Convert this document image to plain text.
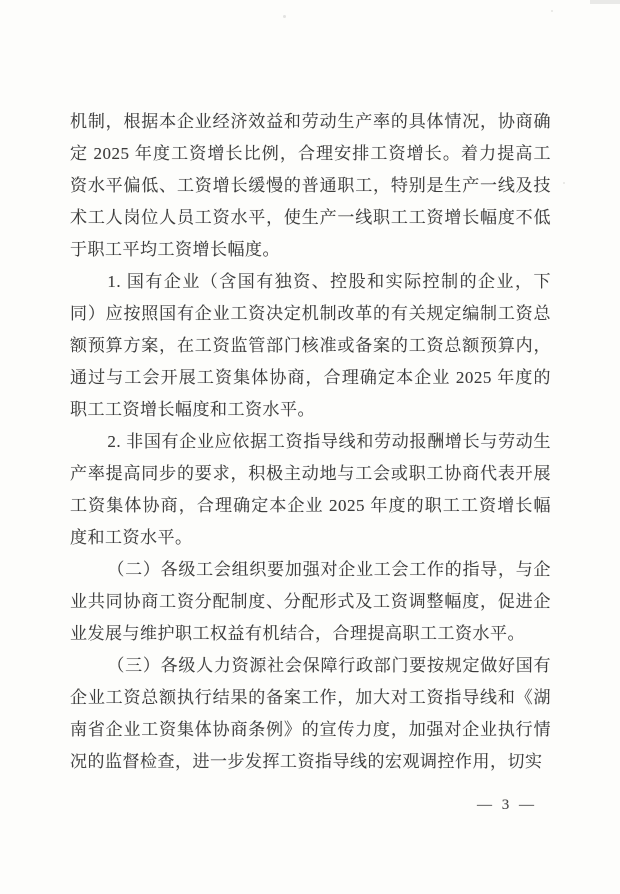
机制，根据本企业经济效益和劳动生产率的具体情况，协商确定 2025 年度工资增长比例，合理安排工资增长。着力提高工资水平偏低、工资增长缓慢的普通职工，特别是生产一线及技术工人岗位人员工资水平，使生产一线职工工资增长幅度不低于职工平均工资增长幅度。

1. 国有企业（含国有独资、控股和实际控制的企业，下同）应按照国有企业工资决定机制改革的有关规定编制工资总额预算方案，在工资监管部门核准或备案的工资总额预算内，通过与工会开展工资集体协商，合理确定本企业 2025 年度的职工工资增长幅度和工资水平。

2. 非国有企业应依据工资指导线和劳动报酬增长与劳动生产率提高同步的要求，积极主动地与工会或职工协商代表开展工资集体协商，合理确定本企业 2025 年度的职工工资增长幅度和工资水平。

（二）各级工会组织要加强对企业工会工作的指导，与企业共同协商工资分配制度、分配形式及工资调整幅度，促进企业发展与维护职工权益有机结合，合理提高职工工资水平。

（三）各级人力资源社会保障行政部门要按规定做好国有企业工资总额执行结果的备案工作，加大对工资指导线和《湖南省企业工资集体协商条例》的宣传力度，加强对企业执行情况的监督检查，进一步发挥工资指导线的宏观调控作用，切实

— 3 —
